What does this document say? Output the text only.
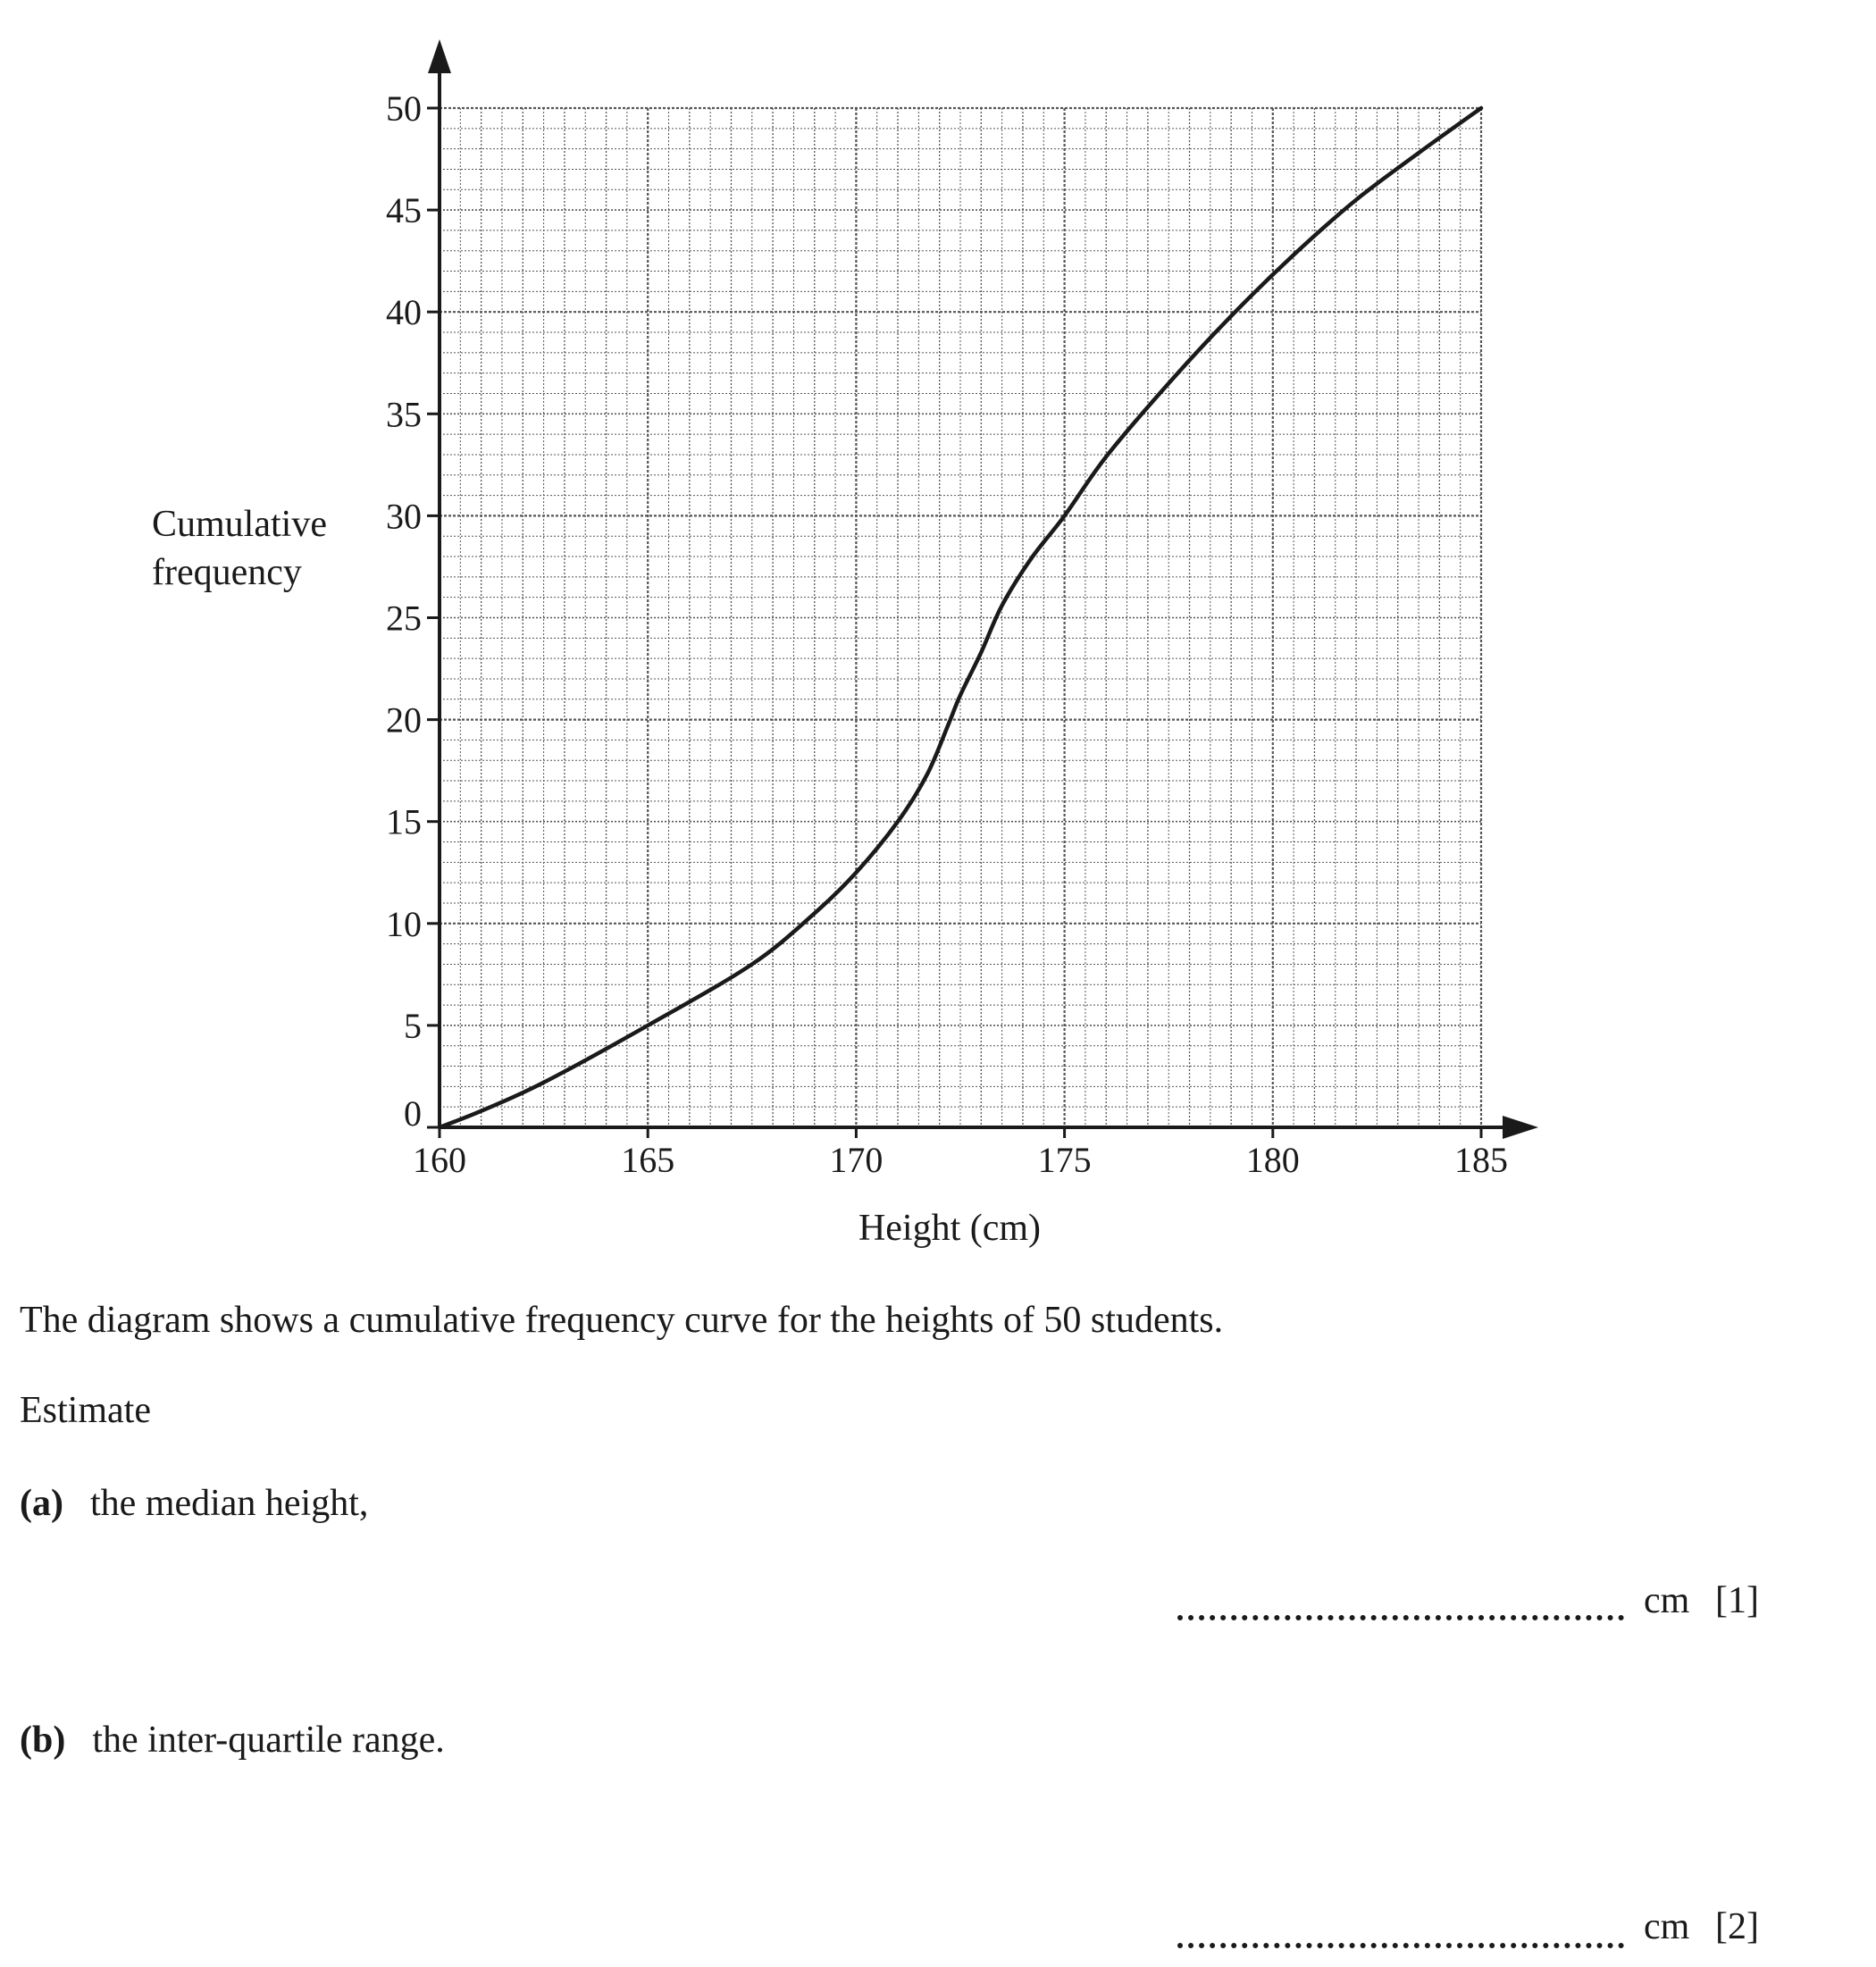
0
5
10
15
20
25
30
35
40
45
50
160	165	170	175	180	185
Height (cm)
Cumulative
frequency

The diagram shows a cumulative frequency curve for the heights of 50 students.

Estimate

(a) the median height,

cm [1]

(b) the inter-quartile range.

cm [2]
